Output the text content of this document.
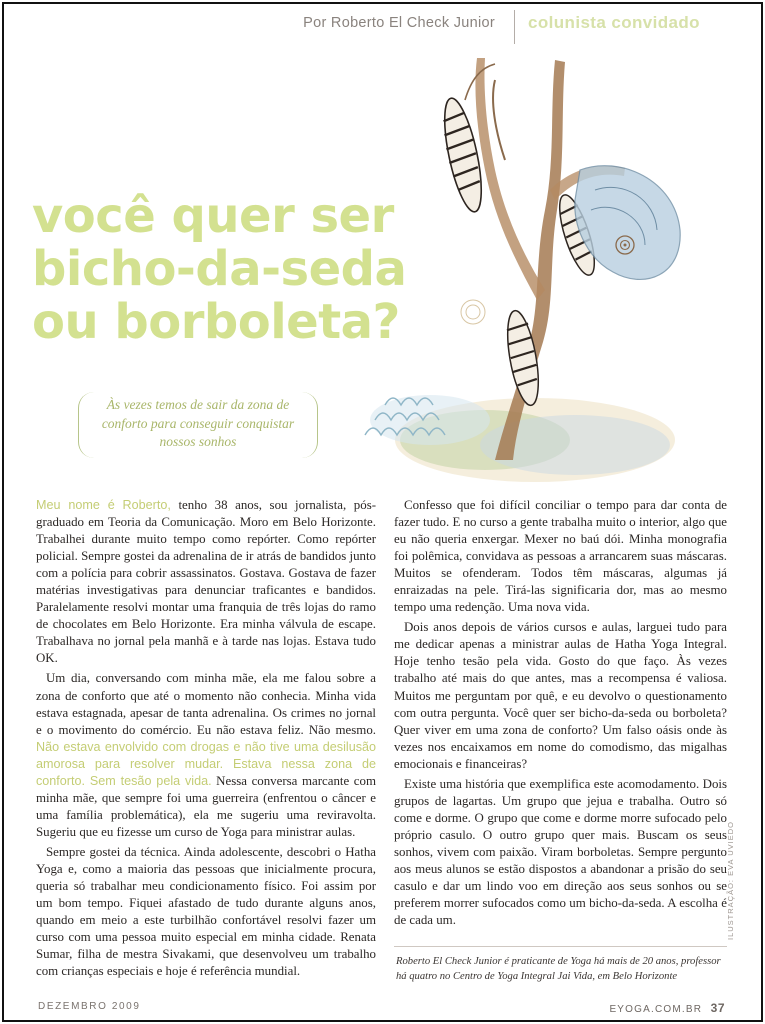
Por Roberto El Check Junior colunista convidado
você quer ser
bicho-da-seda
ou borboleta?

Às vezes temos de sair da zona de conforto para conseguir conquistar nossos sonhos

Meu nome é Roberto, tenho 38 anos, sou jornalista, pós-graduado em Teoria da Comunicação. Moro em Belo Horizonte. Trabalhei durante muito tempo como repórter. Como repórter policial. Sempre gostei da adrenalina de ir atrás de bandidos junto com a polícia para cobrir assassinatos. Gostava. Gostava de fazer matérias investigativas para denunciar traficantes e bandidos. Paralelamente resolvi montar uma franquia de três lojas do ramo de chocolates em Belo Horizonte. Era minha válvula de escape. Trabalhava no jornal pela manhã e à tarde nas lojas. Estava tudo OK.

Um dia, conversando com minha mãe, ela me falou sobre a zona de conforto que até o momento não conhecia. Minha vida estava estagnada, apesar de tanta adrenalina. Os crimes no jornal e o movimento do comércio. Eu não estava feliz. Não mesmo. Não estava envolvido com drogas e não tive uma desilusão amorosa para resolver mudar. Estava nessa zona de conforto. Sem tesão pela vida. Nessa conversa marcante com minha mãe, que sempre foi uma guerreira (enfrentou o câncer e uma família problemática), ela me sugeriu uma reviravolta. Sugeriu que eu fizesse um curso de Yoga para ministrar aulas.

Sempre gostei da técnica. Ainda adolescente, descobri o Hatha Yoga e, como a maioria das pessoas que inicialmente procura, queria só trabalhar meu condicionamento físico. Foi assim por um bom tempo. Fiquei afastado de tudo durante alguns anos, quando em meio a este turbilhão confortável resolvi fazer um curso com uma pessoa muito especial em minha cidade. Renata Sumar, filha de mestra Sivakami, que desenvolveu um trabalho com crianças especiais e hoje é referência mundial.

Confesso que foi difícil conciliar o tempo para dar conta de fazer tudo. E no curso a gente trabalha muito o interior, algo que eu não queria enxergar. Mexer no baú dói. Minha monografia foi polêmica, convidava as pessoas a arrancarem suas máscaras. Muitos se ofenderam. Todos têm máscaras, algumas já enraizadas na pele. Tirá-las significaria dor, mas ao mesmo tempo uma redenção. Uma nova vida.

Dois anos depois de vários cursos e aulas, larguei tudo para me dedicar apenas a ministrar aulas de Hatha Yoga Integral. Hoje tenho tesão pela vida. Gosto do que faço. Às vezes trabalho até mais do que antes, mas a recompensa é valiosa. Muitos me perguntam por quê, e eu devolvo o questionamento com outra pergunta. Você quer ser bicho-da-seda ou borboleta? Quer viver em uma zona de conforto? Um falso oásis onde às vezes nos encaixamos em nome do comodismo, das migalhas emocionais e financeiras?

Existe uma história que exemplifica este acomodamento. Dois grupos de lagartas. Um grupo que jejua e trabalha. Outro só come e dorme. O grupo que come e dorme morre sufocado pelo próprio casulo. O outro grupo quer mais. Buscam os seus sonhos, vivem com paixão. Viram borboletas. Sempre pergunto aos meus alunos se estão dispostos a abandonar a prisão do seu casulo e dar um lindo voo em direção aos seus sonhos ou se preferem morrer sufocados como um bicho-da-seda. A escolha é de cada um.

Roberto El Check Junior é praticante de Yoga há mais de 20 anos, professor há quatro no Centro de Yoga Integral Jai Vida, em Belo Horizonte

ILUSTRAÇÃO: EVA UVIEDO
DEZEMBRO 2009	EYOGA.COM.BR 37
